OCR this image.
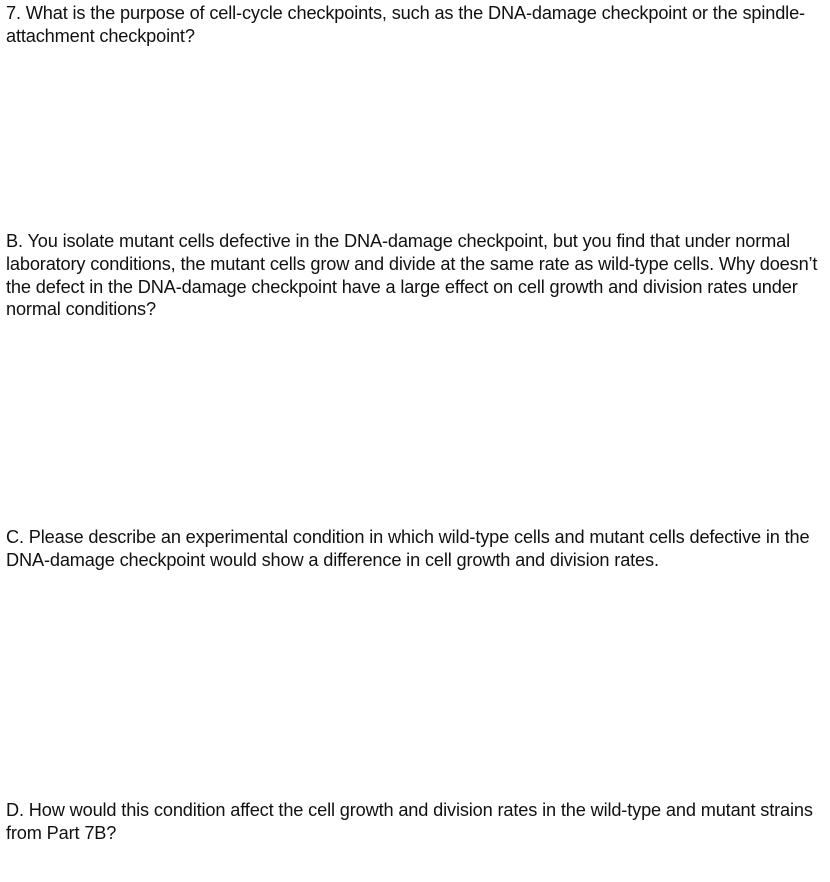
7. What is the purpose of cell-cycle checkpoints, such as the DNA-damage checkpoint or the spindle-attachment checkpoint?

B. You isolate mutant cells defective in the DNA-damage checkpoint, but you find that under normal laboratory conditions, the mutant cells grow and divide at the same rate as wild-type cells. Why doesn’t the defect in the DNA-damage checkpoint have a large effect on cell growth and division rates under normal conditions?

C. Please describe an experimental condition in which wild-type cells and mutant cells defective in the DNA-damage checkpoint would show a difference in cell growth and division rates.

D. How would this condition affect the cell growth and division rates in the wild-type and mutant strains from Part 7B?
